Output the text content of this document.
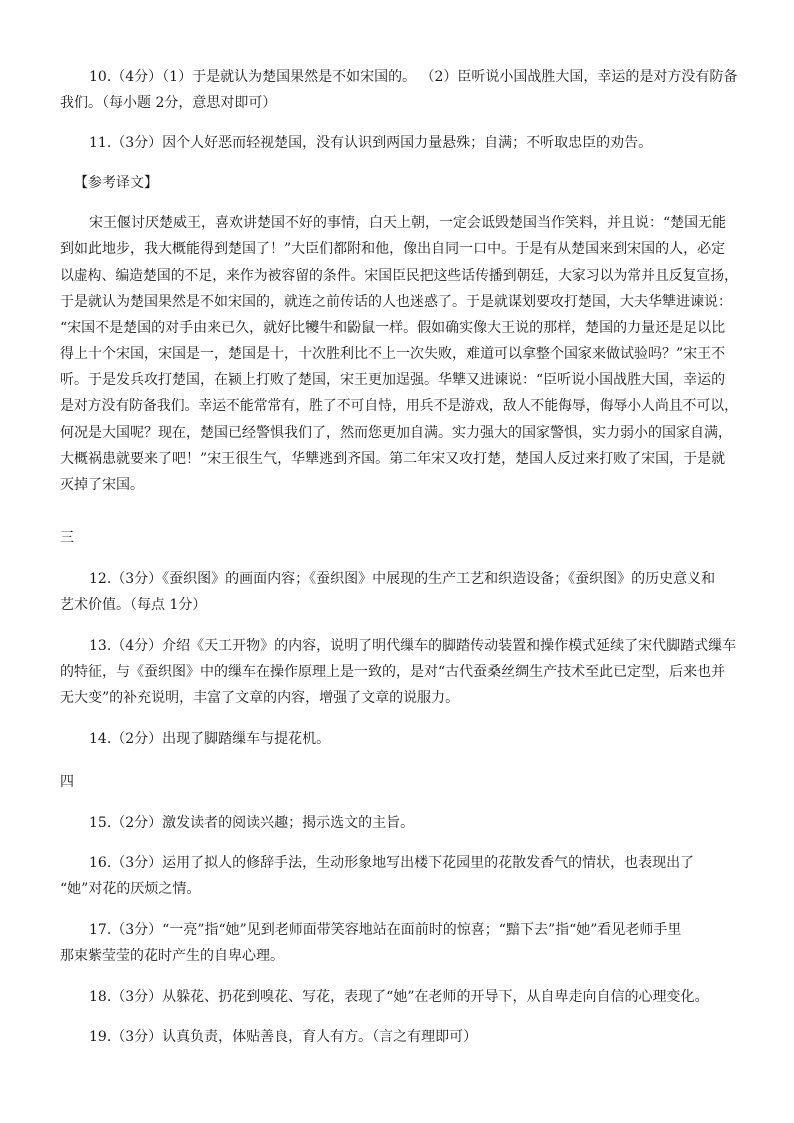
10.（4分）（1）于是就认为楚国果然是不如宋国的。 （2）臣听说小国战胜大国，幸运的是对方没有防备
我们。（每小题 2分，意思对即可）
11.（3分）因个人好恶而轻视楚国，没有认识到两国力量悬殊；自满；不听取忠臣的劝告。
【参考译文】
宋王偃讨厌楚威王，喜欢讲楚国不好的事情，白天上朝，一定会诋毁楚国当作笑料，并且说：“楚国无能
到如此地步，我大概能得到楚国了！”大臣们都附和他，像出自同一口中。于是有从楚国来到宋国的人，必定
以虚构、编造楚国的不足，来作为被容留的条件。宋国臣民把这些话传播到朝廷，大家习以为常并且反复宣扬，
于是就认为楚国果然是不如宋国的，就连之前传话的人也迷惑了。于是就谋划要攻打楚国，大夫华犨进谏说：
“宋国不是楚国的对手由来已久，就好比犪牛和鼢鼠一样。假如确实像大王说的那样，楚国的力量还是足以比
得上十个宋国，宋国是一，楚国是十，十次胜利比不上一次失败，难道可以拿整个国家来做试验吗？”宋王不
听。于是发兵攻打楚国，在颍上打败了楚国，宋王更加逞强。华犨又进谏说：“臣听说小国战胜大国，幸运的
是对方没有防备我们。幸运不能常常有，胜了不可自恃，用兵不是游戏，敌人不能侮辱，侮辱小人尚且不可以，
何况是大国呢？现在，楚国已经警惧我们了，然而您更加自满。实力强大的国家警惧，实力弱小的国家自满，
大概祸患就要来了吧！”宋王很生气，华犨逃到齐国。第二年宋又攻打楚，楚国人反过来打败了宋国，于是就
灭掉了宋国。
三
12.（3分）《蚕织图》的画面内容；《蚕织图》中展现的生产工艺和织造设备；《蚕织图》的历史意义和
艺术价值。（每点 1分）
13.（4分）介绍《天工开物》的内容，说明了明代缫车的脚踏传动装置和操作模式延续了宋代脚踏式缫车
的特征，与《蚕织图》中的缫车在操作原理上是一致的，是对“古代蚕桑丝绸生产技术至此已定型，后来也并
无大变”的补充说明，丰富了文章的内容，增强了文章的说服力。
14.（2分）出现了脚踏缫车与提花机。
四
15.（2分）激发读者的阅读兴趣；揭示选文的主旨。
16.（3分）运用了拟人的修辞手法，生动形象地写出楼下花园里的花散发香气的情状，也表现出了
“她”对花的厌烦之情。
17.（3分）“一亮”指“她”见到老师面带笑容地站在面前时的惊喜；“黯下去”指“她”看见老师手里
那束紫莹莹的花时产生的自卑心理。
18.（3分）从躲花、扔花到嗅花、写花，表现了“她”在老师的开导下，从自卑走向自信的心理变化。
19.（3分）认真负责，体贴善良，育人有方。（言之有理即可）
